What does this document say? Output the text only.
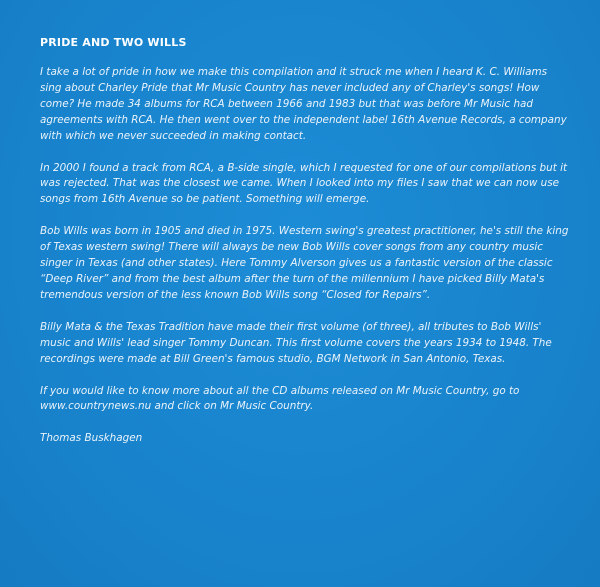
PRIDE AND TWO WILLS

I take a lot of pride in how we make this compilation and it struck me when I heard K. C. Williams sing about Charley Pride that Mr Music Country has never included any of Charley's songs! How come? He made 34 albums for RCA between 1966 and 1983 but that was before Mr Music had agreements with RCA. He then went over to the independent label 16th Avenue Records, a company with which we never succeeded in making contact.

In 2000 I found a track from RCA, a B-side single, which I requested for one of our compilations but it was rejected. That was the closest we came. When I looked into my files I saw that we can now use songs from 16th Avenue so be patient. Something will emerge.

Bob Wills was born in 1905 and died in 1975. Western swing's greatest practitioner, he's still the king of Texas western swing! There will always be new Bob Wills cover songs from any country music singer in Texas (and other states). Here Tommy Alverson gives us a fantastic version of the classic “Deep River” and from the best album after the turn of the millennium I have picked Billy Mata's tremendous version of the less known Bob Wills song “Closed for Repairs”.

Billy Mata & the Texas Tradition have made their first volume (of three), all tributes to Bob Wills' music and Wills' lead singer Tommy Duncan. This first volume covers the years 1934 to 1948. The recordings were made at Bill Green's famous studio, BGM Network in San Antonio, Texas.

If you would like to know more about all the CD albums released on Mr Music Country, go to www.countrynews.nu and click on Mr Music Country.

Thomas Buskhagen
